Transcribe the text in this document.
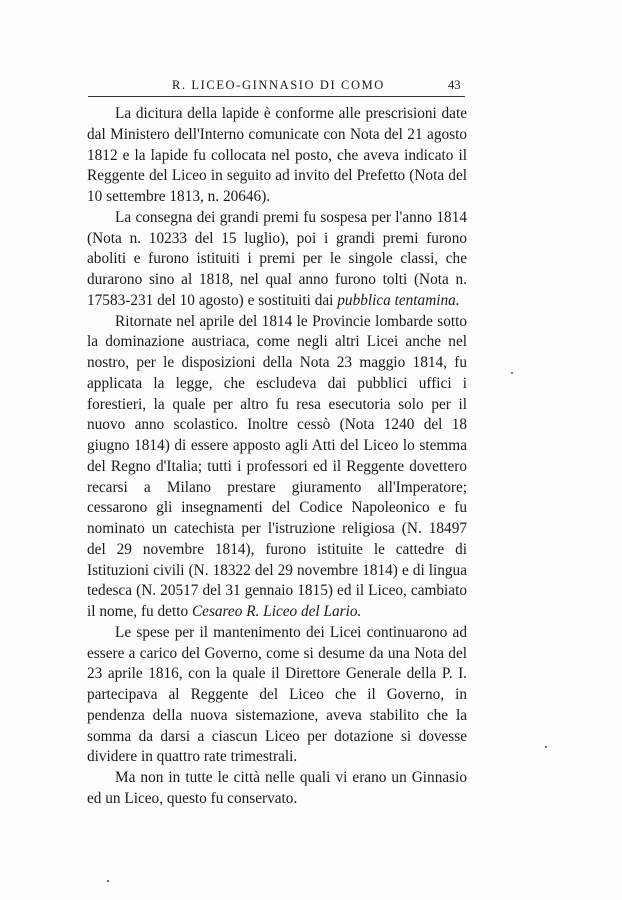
R. LICEO-GINNASIO DI COMO	43

La dicitura della lapide è conforme alle prescrisioni date dal Ministero dell'Interno comunicate con Nota del 21 agosto 1812 e la lapide fu collocata nel posto, che aveva indicato il Reggente del Liceo in seguito ad invito del Prefetto (Nota del 10 settembre 1813, n. 20646).

La consegna dei grandi premi fu sospesa per l'anno 1814 (Nota n. 10233 del 15 luglio), poi i grandi premi furono aboliti e furono istituiti i premi per le singole classi, che durarono sino al 1818, nel qual anno furono tolti (Nota n. 17583-231 del 10 agosto) e sostituiti dai pubblica tentamina.

Ritornate nel aprile del 1814 le Provincie lombarde sotto la dominazione austriaca, come negli altri Licei anche nel nostro, per le disposizioni della Nota 23 maggio 1814, fu applicata la legge, che escludeva dai pubblici uffici i forestieri, la quale per altro fu resa esecutoria solo per il nuovo anno scolastico. Inoltre cessò (Nota 1240 del 18 giugno 1814) di essere apposto agli Atti del Liceo lo stemma del Regno d'Italia; tutti i professori ed il Reggente dovettero recarsi a Milano prestare giuramento all'Imperatore; cessarono gli insegnamenti del Codice Napoleonico e fu nominato un catechista per l'istruzione religiosa (N. 18497 del 29 novembre 1814), furono istituite le cattedre di Istituzioni civili (N. 18322 del 29 novembre 1814) e di lingua tedesca (N. 20517 del 31 gennaio 1815) ed il Liceo, cambiato il nome, fu detto Cesareo R. Liceo del Lario.

Le spese per il mantenimento dei Licei continuarono ad essere a carico del Governo, come si desume da una Nota del 23 aprile 1816, con la quale il Direttore Generale della P. I. partecipava al Reggente del Liceo che il Governo, in pendenza della nuova sistemazione, aveva stabilito che la somma da darsi a ciascun Liceo per dotazione si dovesse dividere in quattro rate trimestrali.

Ma non in tutte le città nelle quali vi erano un Ginnasio ed un Liceo, questo fu conservato.
